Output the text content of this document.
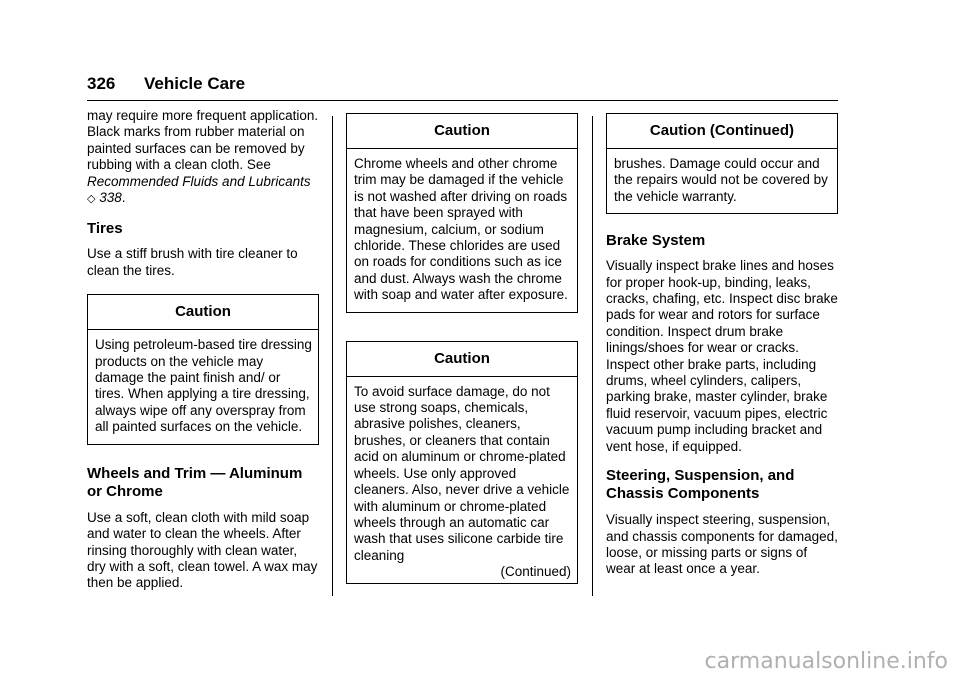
326 Vehicle Care

may require more frequent application. Black marks from rubber material on painted surfaces can be removed by rubbing with a clean cloth. See Recommended Fluids and Lubricants ◇ 338.

Tires

Use a stiff brush with tire cleaner to clean the tires.

Caution
Using petroleum-based tire dressing products on the vehicle may damage the paint finish and/ or tires. When applying a tire dressing, always wipe off any overspray from all painted surfaces on the vehicle.
Wheels and Trim — Aluminum or Chrome

Use a soft, clean cloth with mild soap and water to clean the wheels. After rinsing thoroughly with clean water, dry with a soft, clean towel. A wax may then be applied.

Caution
Chrome wheels and other chrome trim may be damaged if the vehicle is not washed after driving on roads that have been sprayed with magnesium, calcium, or sodium chloride. These chlorides are used on roads for conditions such as ice and dust. Always wash the chrome with soap and water after exposure.
Caution
To avoid surface damage, do not use strong soaps, chemicals, abrasive polishes, cleaners, brushes, or cleaners that contain acid on aluminum or chrome-plated wheels. Use only approved cleaners. Also, never drive a vehicle with aluminum or chrome-plated wheels through an automatic car wash that uses silicone carbide tire cleaning
(Continued)
Caution (Continued)
brushes. Damage could occur and the repairs would not be covered by the vehicle warranty.
Brake System

Visually inspect brake lines and hoses for proper hook-up, binding, leaks, cracks, chafing, etc. Inspect disc brake pads for wear and rotors for surface condition. Inspect drum brake linings/shoes for wear or cracks. Inspect other brake parts, including drums, wheel cylinders, calipers, parking brake, master cylinder, brake fluid reservoir, vacuum pipes, electric vacuum pump including bracket and vent hose, if equipped.

Steering, Suspension, and Chassis Components

Visually inspect steering, suspension, and chassis components for damaged, loose, or missing parts or signs of wear at least once a year.

carmanualsonline.info
